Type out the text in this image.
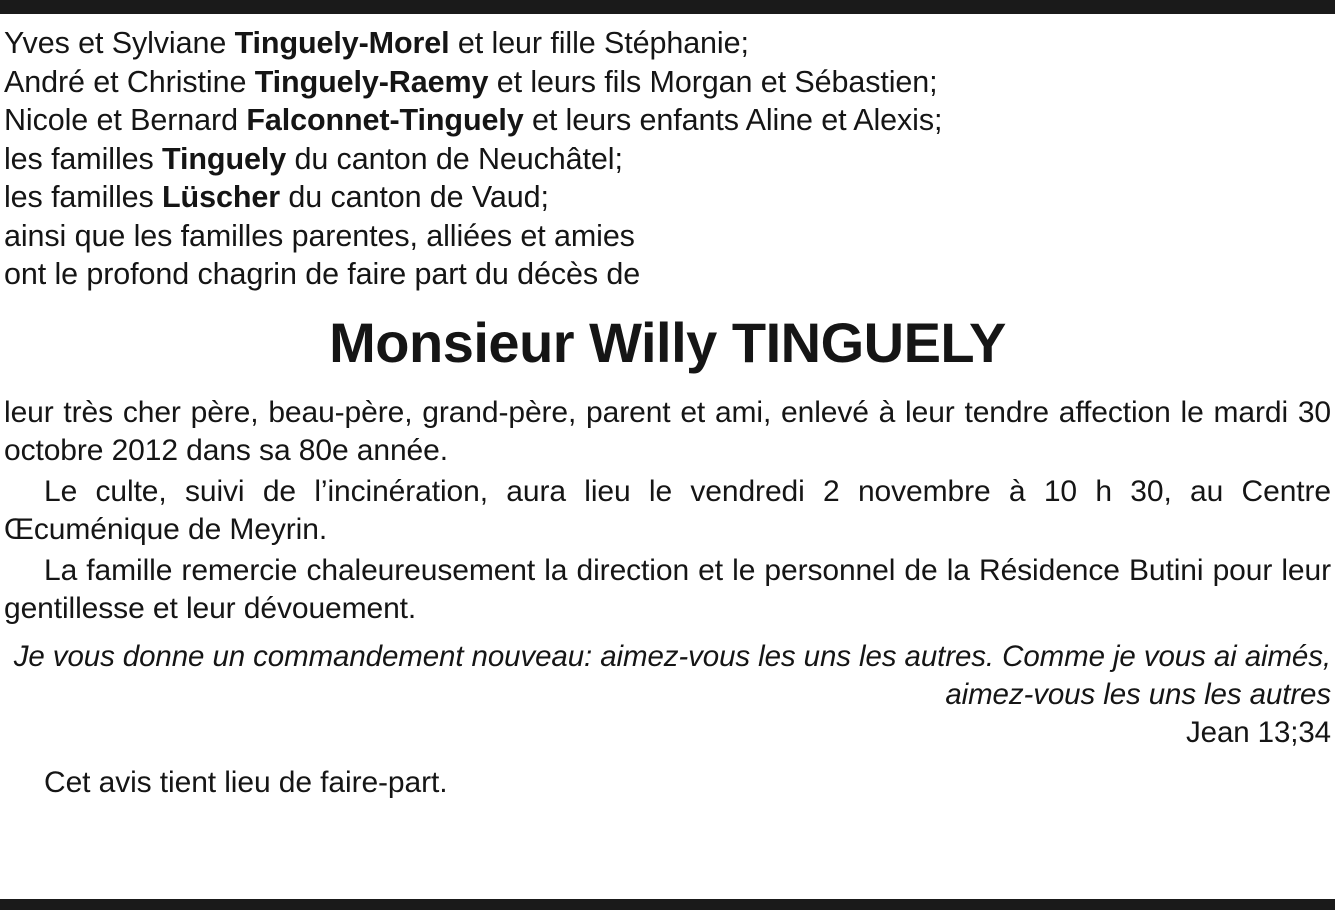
Yves et Sylviane Tinguely-Morel et leur fille Stéphanie;
André et Christine Tinguely-Raemy et leurs fils Morgan et Sébastien;
Nicole et Bernard Falconnet-Tinguely et leurs enfants Aline et Alexis;
les familles Tinguely du canton de Neuchâtel;
les familles Lüscher du canton de Vaud;
ainsi que les familles parentes, alliées et amies
ont le profond chagrin de faire part du décès de
Monsieur Willy TINGUELY

leur très cher père, beau-père, grand-père, parent et ami, enlevé à leur tendre affection le mardi 30 octobre 2012 dans sa 80e année.

Le culte, suivi de l’incinération, aura lieu le vendredi 2 novembre à 10 h 30, au Centre Œcuménique de Meyrin.

La famille remercie chaleureusement la direction et le personnel de la Résidence Butini pour leur gentillesse et leur dévouement.

Je vous donne un commandement nouveau: aimez-vous les uns les autres. Comme je vous ai aimés, aimez-vous les uns les autres
Jean 13;34
Cet avis tient lieu de faire-part.
